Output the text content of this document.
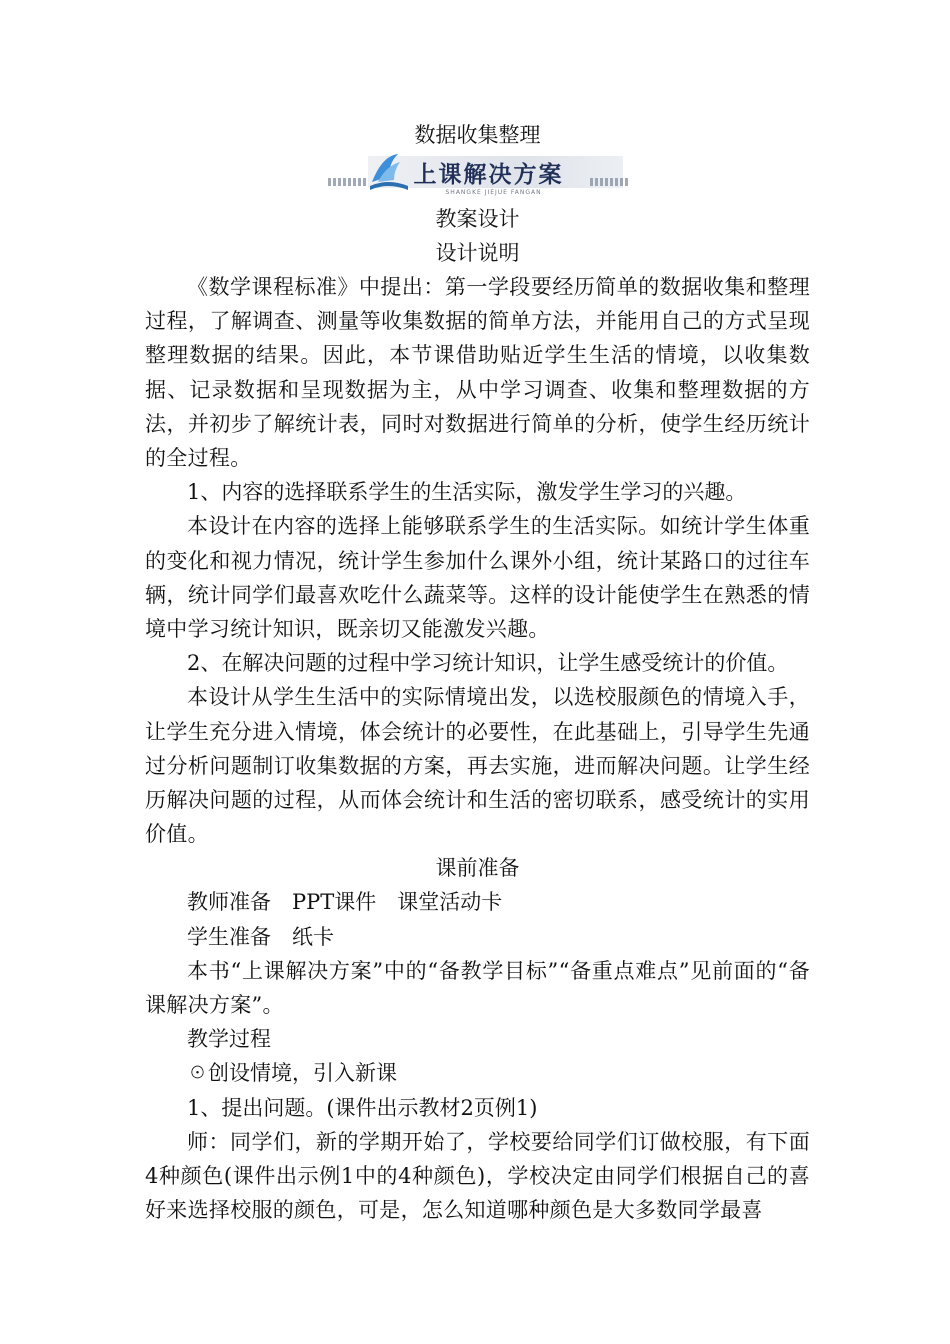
数据收集整理

上课解决方案
SHANGKE JIEJUE FANGAN

教案设计

设计说明

《数学课程标准》中提出：第一学段要经历简单的数据收集和整理过程，了解调查、测量等收集数据的简单方法，并能用自己的方式呈现整理数据的结果。因此，本节课借助贴近学生生活的情境，以收集数据、记录数据和呈现数据为主，从中学习调查、收集和整理数据的方法，并初步了解统计表，同时对数据进行简单的分析，使学生经历统计的全过程。

1、内容的选择联系学生的生活实际，激发学生学习的兴趣。

本设计在内容的选择上能够联系学生的生活实际。如统计学生体重的变化和视力情况，统计学生参加什么课外小组，统计某路口的过往车辆，统计同学们最喜欢吃什么蔬菜等。这样的设计能使学生在熟悉的情境中学习统计知识，既亲切又能激发兴趣。

2、在解决问题的过程中学习统计知识，让学生感受统计的价值。

本设计从学生生活中的实际情境出发，以选校服颜色的情境入手，让学生充分进入情境，体会统计的必要性，在此基础上，引导学生先通过分析问题制订收集数据的方案，再去实施，进而解决问题。让学生经历解决问题的过程，从而体会统计和生活的密切联系，感受统计的实用价值。

课前准备

教师准备　PPT课件　课堂活动卡

学生准备　纸卡

本书“上课解决方案”中的“备教学目标”“备重点难点”见前面的“备课解决方案”。

教学过程

☉创设情境，引入新课

1、提出问题。(课件出示教材2页例1)

师：同学们，新的学期开始了，学校要给同学们订做校服，有下面4种颜色(课件出示例1中的4种颜色)，学校决定由同学们根据自己的喜好来选择校服的颜色，可是，怎么知道哪种颜色是大多数同学最喜
